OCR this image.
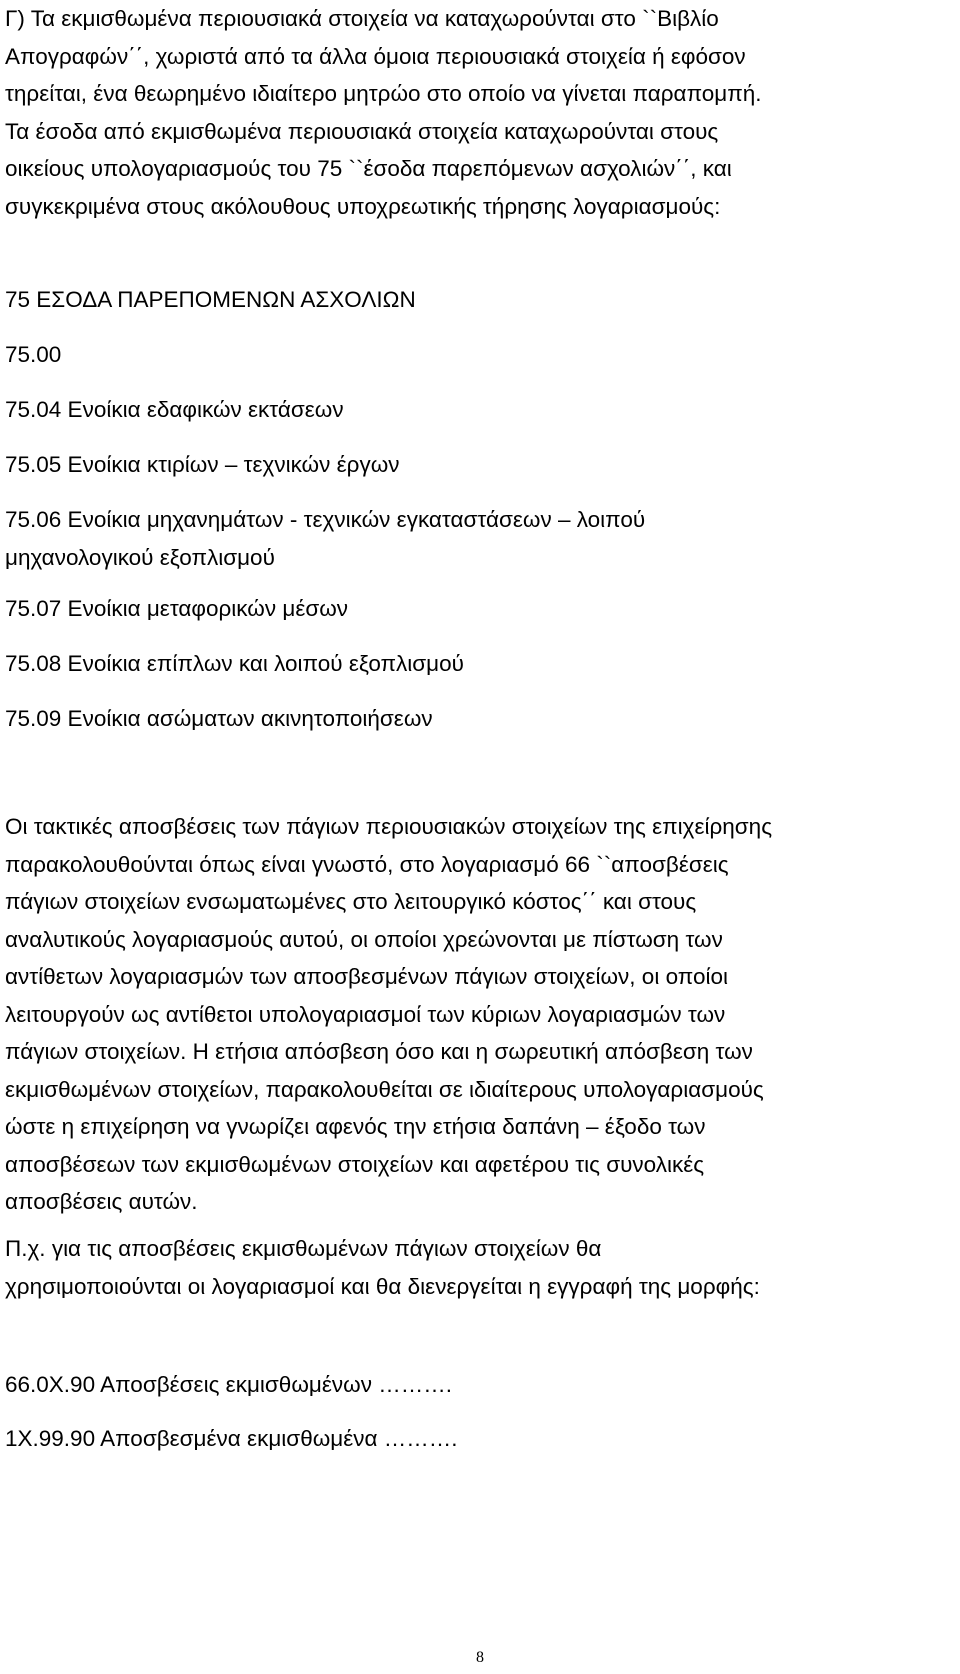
Γ) Τα εκμισθωμένα περιουσιακά στοιχεία να καταχωρούνται στο ``Βιβλίο
Απογραφών΄΄, χωριστά από τα άλλα όμοια περιουσιακά στοιχεία ή εφόσον
τηρείται, ένα θεωρημένο ιδιαίτερο μητρώο στο οποίο να γίνεται παραπομπή.
Τα έσοδα από εκμισθωμένα περιουσιακά στοιχεία καταχωρούνται στους
οικείους υπολογαριασμούς του 75 ``έσοδα παρεπόμενων ασχολιών΄΄, και
συγκεκριμένα στους ακόλουθους υποχρεωτικής τήρησης λογαριασμούς:
75 ΕΣΟΔΑ ΠΑΡΕΠΟΜΕΝΩΝ ΑΣΧΟΛΙΩΝ
75.00
75.04 Ενοίκια εδαφικών εκτάσεων
75.05 Ενοίκια κτιρίων – τεχνικών έργων
75.06 Ενοίκια μηχανημάτων - τεχνικών εγκαταστάσεων – λοιπού
μηχανολογικού εξοπλισμού
75.07 Ενοίκια μεταφορικών μέσων
75.08 Ενοίκια επίπλων και λοιπού εξοπλισμού
75.09 Ενοίκια ασώματων ακινητοποιήσεων
Οι τακτικές αποσβέσεις των πάγιων περιουσιακών στοιχείων της επιχείρησης
παρακολουθούνται όπως είναι γνωστό, στο λογαριασμό 66 ``αποσβέσεις
πάγιων στοιχείων ενσωματωμένες στο λειτουργικό κόστος΄΄ και στους
αναλυτικούς λογαριασμούς αυτού, οι οποίοι χρεώνονται με πίστωση των
αντίθετων λογαριασμών των αποσβεσμένων πάγιων στοιχείων, οι οποίοι
λειτουργούν ως αντίθετοι υπολογαριασμοί των κύριων λογαριασμών των
πάγιων στοιχείων. Η ετήσια απόσβεση όσο και η σωρευτική απόσβεση των
εκμισθωμένων στοιχείων, παρακολουθείται σε ιδιαίτερους υπολογαριασμούς
ώστε η επιχείρηση να γνωρίζει αφενός την ετήσια δαπάνη – έξοδο των
αποσβέσεων των εκμισθωμένων στοιχείων και αφετέρου τις συνολικές
αποσβέσεις αυτών.
Π.χ. για τις αποσβέσεις εκμισθωμένων πάγιων στοιχείων θα
χρησιμοποιούνται οι λογαριασμοί και θα διενεργείται η εγγραφή της μορφής:
66.0Χ.90 Αποσβέσεις εκμισθωμένων ……….
1Χ.99.90 Αποσβεσμένα εκμισθωμένα ……….
8
